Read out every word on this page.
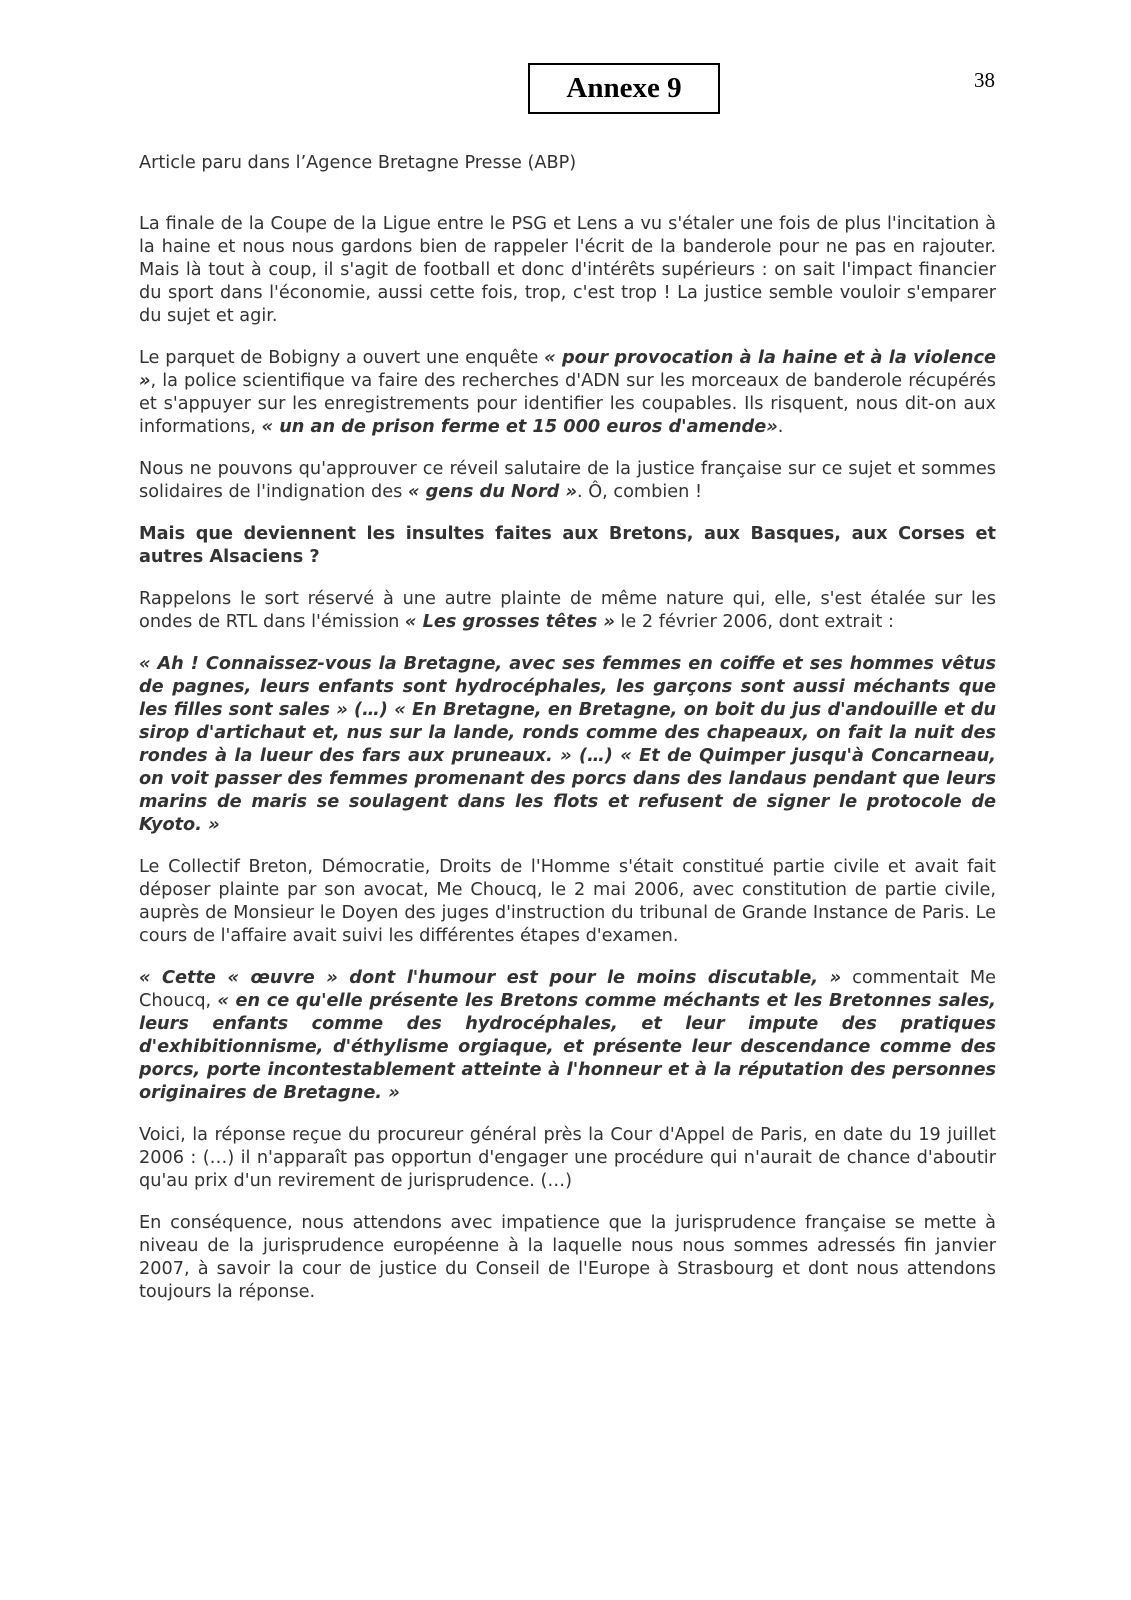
Annexe 9	38

Article paru dans l’Agence Bretagne Presse (ABP)

La finale de la Coupe de la Ligue entre le PSG et Lens a vu s'étaler une fois de plus l'incitation à la haine et nous nous gardons bien de rappeler l'écrit de la banderole pour ne pas en rajouter. Mais là tout à coup, il s'agit de football et donc d'intérêts supérieurs : on sait l'impact financier du sport dans l'économie, aussi cette fois, trop, c'est trop ! La justice semble vouloir s'emparer du sujet et agir.

Le parquet de Bobigny a ouvert une enquête « pour provocation à la haine et à la violence », la police scientifique va faire des recherches d'ADN sur les morceaux de banderole récupérés et s'appuyer sur les enregistrements pour identifier les coupables. Ils risquent, nous dit-on aux informations, « un an de prison ferme et 15 000 euros d'amende».

Nous ne pouvons qu'approuver ce réveil salutaire de la justice française sur ce sujet et sommes solidaires de l'indignation des « gens du Nord ». Ô, combien !

Mais que deviennent les insultes faites aux Bretons, aux Basques, aux Corses et autres Alsaciens ?

Rappelons le sort réservé à une autre plainte de même nature qui, elle, s'est étalée sur les ondes de RTL dans l'émission « Les grosses têtes » le 2 février 2006, dont extrait :

« Ah ! Connaissez-vous la Bretagne, avec ses femmes en coiffe et ses hommes vêtus de pagnes, leurs enfants sont hydrocéphales, les garçons sont aussi méchants que les filles sont sales » (…) « En Bretagne, en Bretagne, on boit du jus d'andouille et du sirop d'artichaut et, nus sur la lande, ronds comme des chapeaux, on fait la nuit des rondes à la lueur des fars aux pruneaux. » (…) « Et de Quimper jusqu'à Concarneau, on voit passer des femmes promenant des porcs dans des landaus pendant que leurs marins de maris se soulagent dans les flots et refusent de signer le protocole de Kyoto. »

Le Collectif Breton, Démocratie, Droits de l'Homme s'était constitué partie civile et avait fait déposer plainte par son avocat, Me Choucq, le 2 mai 2006, avec constitution de partie civile, auprès de Monsieur le Doyen des juges d'instruction du tribunal de Grande Instance de Paris. Le cours de l'affaire avait suivi les différentes étapes d'examen.

« Cette « œuvre » dont l'humour est pour le moins discutable, » commentait Me Choucq, « en ce qu'elle présente les Bretons comme méchants et les Bretonnes sales, leurs enfants comme des hydrocéphales, et leur impute des pratiques d'exhibitionnisme, d'éthylisme orgiaque, et présente leur descendance comme des porcs, porte incontestablement atteinte à l'honneur et à la réputation des personnes originaires de Bretagne. »

Voici, la réponse reçue du procureur général près la Cour d'Appel de Paris, en date du 19 juillet 2006 : (…) il n'apparaît pas opportun d'engager une procédure qui n'aurait de chance d'aboutir qu'au prix d'un revirement de jurisprudence. (…)

En conséquence, nous attendons avec impatience que la jurisprudence française se mette à niveau de la jurisprudence européenne à la laquelle nous nous sommes adressés fin janvier 2007, à savoir la cour de justice du Conseil de l'Europe à Strasbourg et dont nous attendons toujours la réponse.
